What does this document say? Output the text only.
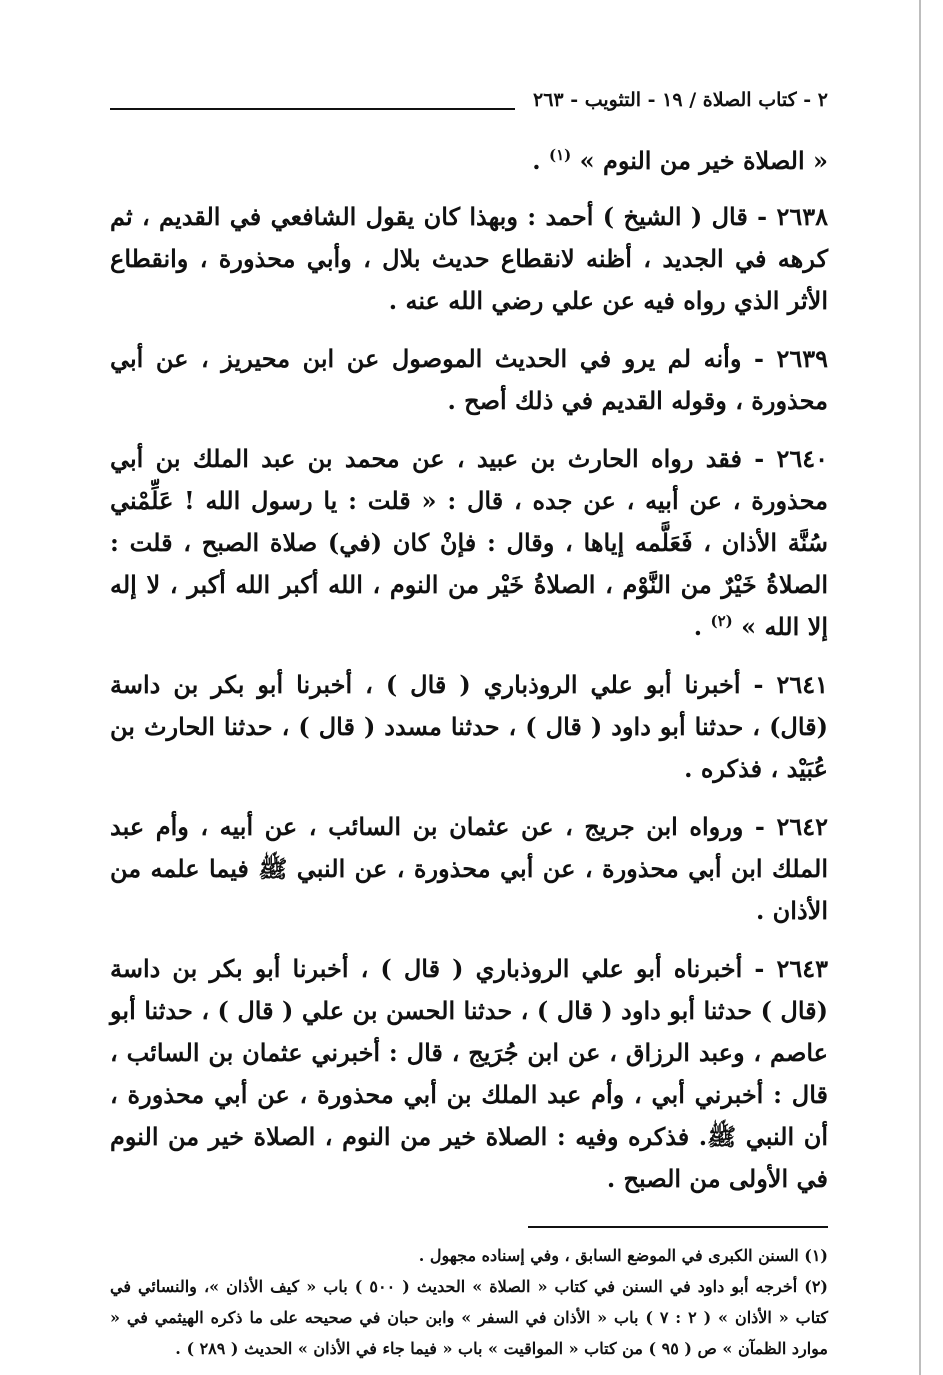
٢ - كتاب الصلاة / ١٩ - التثويب - ٢٦٣

« الصلاة خير من النوم » $^{(١)}$ .

٢٦٣٨ - قال ( الشيخ ) أحمد : وبهذا كان يقول الشافعي في القديم ، ثم كرهه في الجديد ، أظنه لانقطاع حديث بلال ، وأبي محذورة ، وانقطاع الأثر الذي رواه فيه عن علي رضي الله عنه .

٢٦٣٩ - وأنه لم يرو في الحديث الموصول عن ابن محيريز ، عن أبي محذورة ، وقوله القديم في ذلك أصح .

٢٦٤٠ - فقد رواه الحارث بن عبيد ، عن محمد بن عبد الملك بن أبي محذورة ، عن أبيه ، عن جده ، قال : « قلت : يا رسول الله ! عَلِّمْني سُنَّة الأذان ، فَعَلَّمه إياها ، وقال : فإنْ كان (في) صلاة الصبح ، قلت : الصلاةُ خَيْرٌ من النَّوْم ، الصلاةُ خَيْر من النوم ، الله أكبر الله أكبر ، لا إله إلا الله » $^{(٢)}$ .

٢٦٤١ - أخبرنا أبو علي الروذباري ( قال ) ، أخبرنا أبو بكر بن داسة (قال) ، حدثنا أبو داود ( قال ) ، حدثنا مسدد ( قال ) ، حدثنا الحارث بن عُبَيْد ، فذكره .

٢٦٤٢ - ورواه ابن جريج ، عن عثمان بن السائب ، عن أبيه ، وأم عبد الملك ابن أبي محذورة ، عن أبي محذورة ، عن النبي ﷺ فيما علمه من الأذان .

٢٦٤٣ - أخبرناه أبو علي الروذباري ( قال ) ، أخبرنا أبو بكر بن داسة (قال ) حدثنا أبو داود ( قال ) ، حدثنا الحسن بن علي ( قال ) ، حدثنا أبو عاصم ، وعبد الرزاق ، عن ابن جُرَيج ، قال : أخبرني عثمان بن السائب ، قال : أخبرني أبي ، وأم عبد الملك بن أبي محذورة ، عن أبي محذورة ، أن النبي ﷺ. فذكره وفيه : الصلاة خير من النوم ، الصلاة خير من النوم في الأولى من الصبح .

(١) السنن الكبرى في الموضع السابق ، وفي إسناده مجهول .

(٢) أخرجه أبو داود في السنن في كتاب « الصلاة » الحديث ( ٥٠٠ ) باب « كيف الأذان »، والنسائي في كتاب « الأذان » ( ٢ : ٧ ) باب « الأذان في السفر » وابن حبان في صحيحه على ما ذكره الهيثمي في « موارد الظمآن » ص ( ٩٥ ) من كتاب « المواقيت » باب « فيما جاء في الأذان » الحديث ( ٢٨٩ ) .
